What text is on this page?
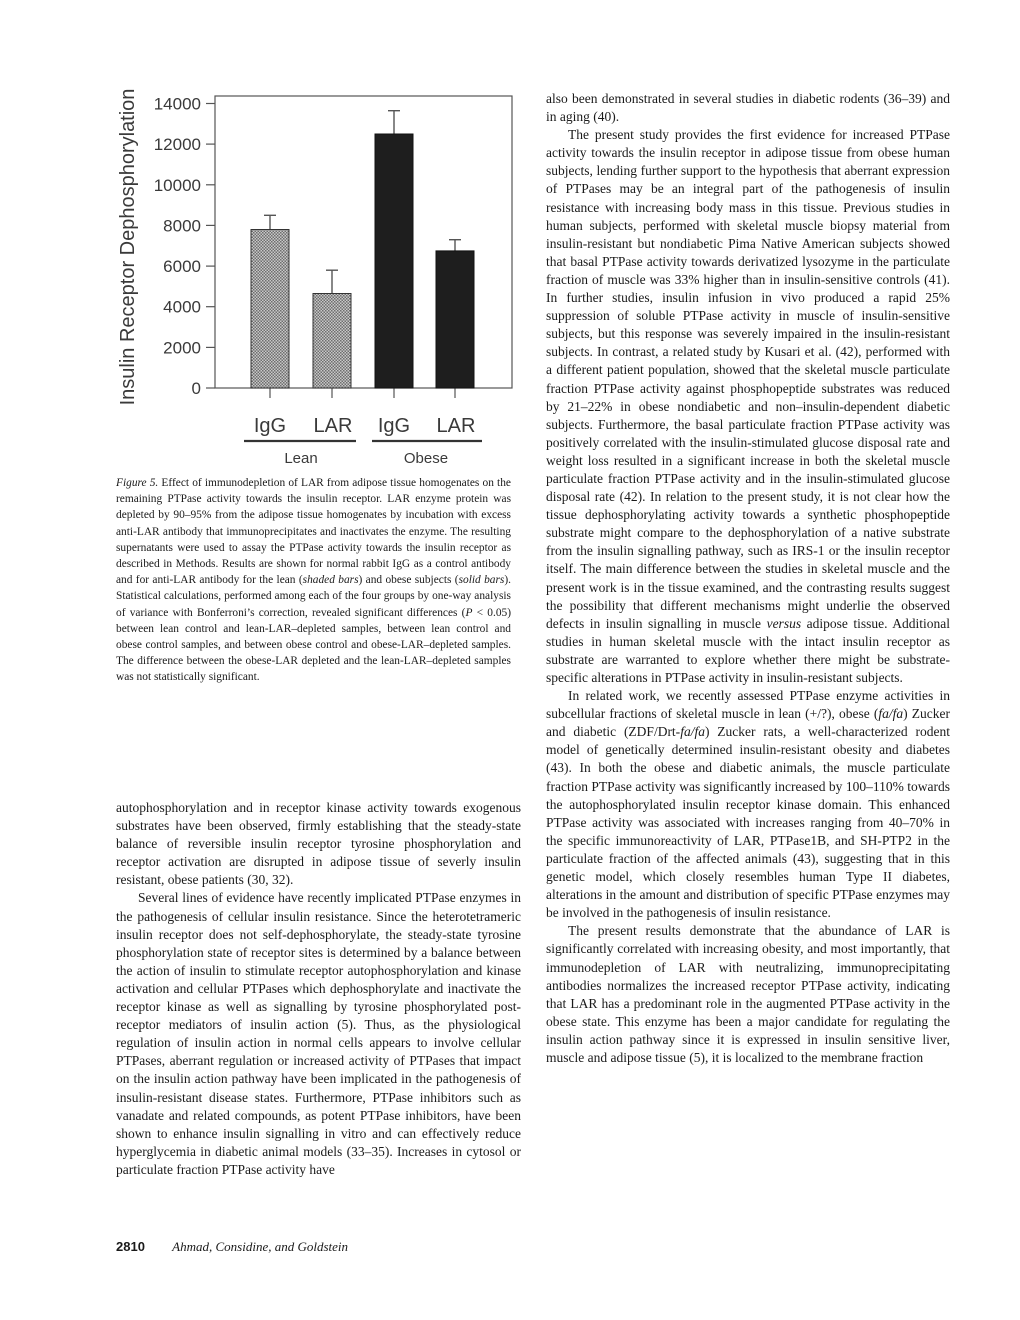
Insulin Receptor Dephosphorylation	0
2000
4000
6000
8000
10000
12000
14000
IgG LAR IgG LAR
Lean	Obese

Figure 5. Effect of immunodepletion of LAR from adipose tissue homogenates on the remaining PTPase activity towards the insulin receptor. LAR enzyme protein was depleted by 90–95% from the adipose tissue homogenates by incubation with excess anti-LAR antibody that immunoprecipitates and inactivates the enzyme. The resulting supernatants were used to assay the PTPase activity towards the insulin receptor as described in Methods. Results are shown for normal rabbit IgG as a control antibody and for anti-LAR antibody for the lean (shaded bars) and obese subjects (solid bars). Statistical calculations, performed among each of the four groups by one-way analysis of variance with Bonferroni’s correction, revealed significant differences (P < 0.05) between lean control and lean-LAR–depleted samples, between lean control and obese control samples, and between obese control and obese-LAR–depleted samples. The difference between the obese-LAR depleted and the lean-LAR–depleted samples was not statistically significant.

autophosphorylation and in receptor kinase activity towards exogenous substrates have been observed, firmly establishing that the steady-state balance of reversible insulin receptor tyrosine phosphorylation and receptor activation are disrupted in adipose tissue of severly insulin resistant, obese patients (30, 32).

Several lines of evidence have recently implicated PTPase enzymes in the pathogenesis of cellular insulin resistance. Since the heterotetrameric insulin receptor does not self-dephosphorylate, the steady-state tyrosine phosphorylation state of receptor sites is determined by a balance between the action of insulin to stimulate receptor autophosphorylation and kinase activation and cellular PTPases which dephosphorylate and inactivate the receptor kinase as well as signalling by tyrosine phosphorylated post-receptor mediators of insulin action (5). Thus, as the physiological regulation of insulin action in normal cells appears to involve cellular PTPases, aberrant regulation or increased activity of PTPases that impact on the insulin action pathway have been implicated in the pathogenesis of insulin-resistant disease states. Furthermore, PTPase inhibitors such as vanadate and related compounds, as potent PTPase inhibitors, have been shown to enhance insulin signalling in vitro and can effectively reduce hyperglycemia in diabetic animal models (33–35). Increases in cytosol or particulate fraction PTPase activity have

also been demonstrated in several studies in diabetic rodents (36–39) and in aging (40).

The present study provides the first evidence for increased PTPase activity towards the insulin receptor in adipose tissue from obese human subjects, lending further support to the hypothesis that aberrant expression of PTPases may be an integral part of the pathogenesis of insulin resistance with increasing body mass in this tissue. Previous studies in human subjects, performed with skeletal muscle biopsy material from insulin-resistant but nondiabetic Pima Native American subjects showed that basal PTPase activity towards derivatized lysozyme in the particulate fraction of muscle was 33% higher than in insulin-sensitive controls (41). In further studies, insulin infusion in vivo produced a rapid 25% suppression of soluble PTPase activity in muscle of insulin-sensitive subjects, but this response was severely impaired in the insulin-resistant subjects. In contrast, a related study by Kusari et al. (42), performed with a different patient population, showed that the skeletal muscle particulate fraction PTPase activity against phosphopeptide substrates was reduced by 21–22% in obese nondiabetic and non–insulin-dependent diabetic subjects. Furthermore, the basal particulate fraction PTPase activity was positively correlated with the insulin-stimulated glucose disposal rate and weight loss resulted in a significant increase in both the skeletal muscle particulate fraction PTPase activity and in the insulin-stimulated glucose disposal rate (42). In relation to the present study, it is not clear how the tissue dephosphorylating activity towards a synthetic phosphopeptide substrate might compare to the dephosphorylation of a native substrate from the insulin signalling pathway, such as IRS-1 or the insulin receptor itself. The main difference between the studies in skeletal muscle and the present work is in the tissue examined, and the contrasting results suggest the possibility that different mechanisms might underlie the observed defects in insulin signalling in muscle versus adipose tissue. Additional studies in human skeletal muscle with the intact insulin receptor as substrate are warranted to explore whether there might be substrate-specific alterations in PTPase activity in insulin-resistant subjects.

In related work, we recently assessed PTPase enzyme activities in subcellular fractions of skeletal muscle in lean (+/?), obese (fa/fa) Zucker and diabetic (ZDF/Drt-fa/fa) Zucker rats, a well-characterized rodent model of genetically determined insulin-resistant obesity and diabetes (43). In both the obese and diabetic animals, the muscle particulate fraction PTPase activity was significantly increased by 100–110% towards the autophosphorylated insulin receptor kinase domain. This enhanced PTPase activity was associated with increases ranging from 40–70% in the specific immunoreactivity of LAR, PTPase1B, and SH-PTP2 in the particulate fraction of the affected animals (43), suggesting that in this genetic model, which closely resembles human Type II diabetes, alterations in the amount and distribution of specific PTPase enzymes may be involved in the pathogenesis of insulin resistance.

The present results demonstrate that the abundance of LAR is significantly correlated with increasing obesity, and most importantly, that immunodepletion of LAR with neutralizing, immunoprecipitating antibodies normalizes the increased receptor PTPase activity, indicating that LAR has a predominant role in the augmented PTPase activity in the obese state. This enzyme has been a major candidate for regulating the insulin action pathway since it is expressed in insulin sensitive liver, muscle and adipose tissue (5), it is localized to the membrane fraction

2810 Ahmad, Considine, and Goldstein
